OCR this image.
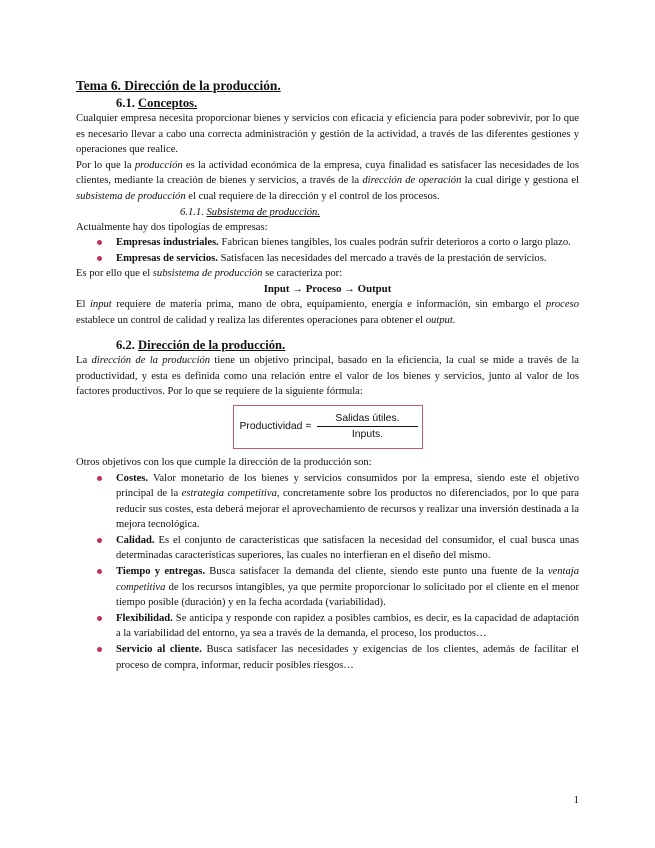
Tema 6. Dirección de la producción.
6.1. Conceptos.

Cualquier empresa necesita proporcionar bienes y servicios con eficacia y eficiencia para poder sobrevivir, por lo que es necesario llevar a cabo una correcta administración y gestión de la actividad, a través de las diferentes gestiones y operaciones que realice.

Por lo que la producción es la actividad económica de la empresa, cuya finalidad es satisfacer las necesidades de los clientes, mediante la creación de bienes y servicios, a través de la dirección de operación la cual dirige y gestiona el subsistema de producción el cual requiere de la dirección y el control de los procesos.

6.1.1. Subsistema de producción.

Actualmente hay dos tipologías de empresas:

Empresas industriales. Fabrican bienes tangibles, los cuales podrán sufrir deterioros a corto o largo plazo.
Empresas de servicios. Satisfacen las necesidades del mercado a través de la prestación de servicios.

Es por ello que el subsistema de producción se caracteriza por:

Input → Proceso → Output

El input requiere de materia prima, mano de obra, equipamiento, energía e información, sin embargo el proceso establece un control de calidad y realiza las diferentes operaciones para obtener el output.

6.2. Dirección de la producción.

La dirección de la producción tiene un objetivo principal, basado en la eficiencia, la cual se mide a través de la productividad, y esta es definida como una relación entre el valor de los bienes y servicios, junto al valor de los factores productivos. Por lo que se requiere de la siguiente fórmula:

Productividad = $\frac{\text{Salidas útiles.}}{\text{Inputs.}}$

Otros objetivos con los que cumple la dirección de la producción son:

Costes. Valor monetario de los bienes y servicios consumidos por la empresa, siendo este el objetivo principal de la estrategia competitiva, concretamente sobre los productos no diferenciados, por lo que para reducir sus costes, esta deberá mejorar el aprovechamiento de recursos y realizar una inversión destinada a la mejora tecnológica.
Calidad. Es el conjunto de características que satisfacen la necesidad del consumidor, el cual busca unas determinadas características superiores, las cuales no interfieran en el diseño del mismo.
Tiempo y entregas. Busca satisfacer la demanda del cliente, siendo este punto una fuente de la ventaja competitiva de los recursos intangibles, ya que permite proporcionar lo solicitado por el cliente en el menor tiempo posible (duración) y en la fecha acordada (variabilidad).
Flexibilidad. Se anticipa y responde con rapidez a posibles cambios, es decir, es la capacidad de adaptación a la variabilidad del entorno, ya sea a través de la demanda, el proceso, los productos…
Servicio al cliente. Busca satisfacer las necesidades y exigencias de los clientes, además de facilitar el proceso de compra, informar, reducir posibles riesgos…
1
